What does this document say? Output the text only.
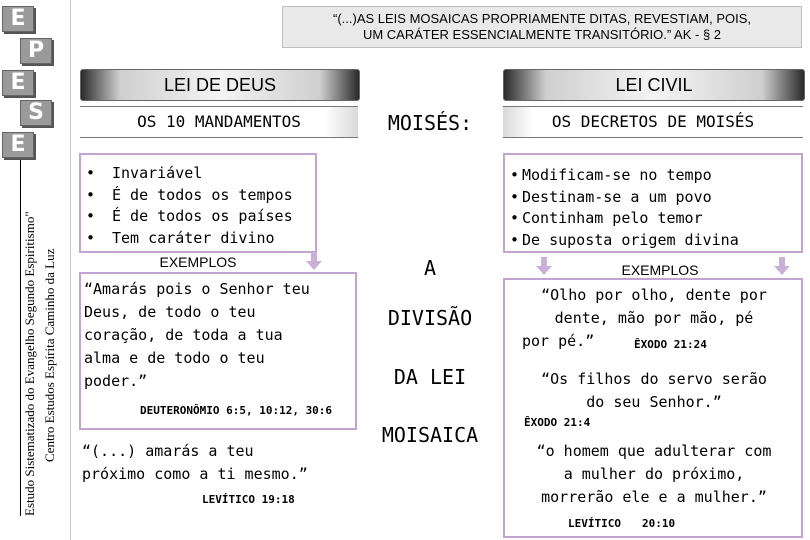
E
P
E
S
E
Estudo Sistematizado do Evangelho Segundo Espiritismo" Centro Estudos Espírita Caminho da Luz
“(...)AS LEIS MOSAICAS PROPRIAMENTE DITAS, REVESTIAM, POIS,
UM CARÁTER ESSENCIALMENTE TRANSITÓRIO.” AK - § 2
LEI DE DEUS
OS 10 MANDAMENTOS
• Invariável
• É de todos os tempos
• É de todos os países
• Tem caráter divino
EXEMPLOS
“Amarás pois o Senhor teu
Deus, de todo o teu
coração, de toda a tua
alma e de todo o teu
poder.”
DEUTERONÔMIO 6:5, 10:12, 30:6
“(...) amarás a teu
próximo como a ti mesmo.”
LEVÍTICO 19:18
MOISÉS:
A
DIVISÃO
DA LEI
MOISAICA
LEI CIVIL
OS DECRETOS DE MOISÉS
• Modificam-se no tempo
• Destinam-se a um povo
• Continham pelo temor
• De suposta origem divina
EXEMPLOS
“Olho por olho, dente por
dente, mão por mão, pé
por pé.”	ÊXODO 21:24
“Os filhos do servo serão
do seu Senhor.”
ÊXODO 21:4
“o homem que adulterar com
a mulher do próximo,
morrerão ele e a mulher.”
LEVÍTICO 20:10
